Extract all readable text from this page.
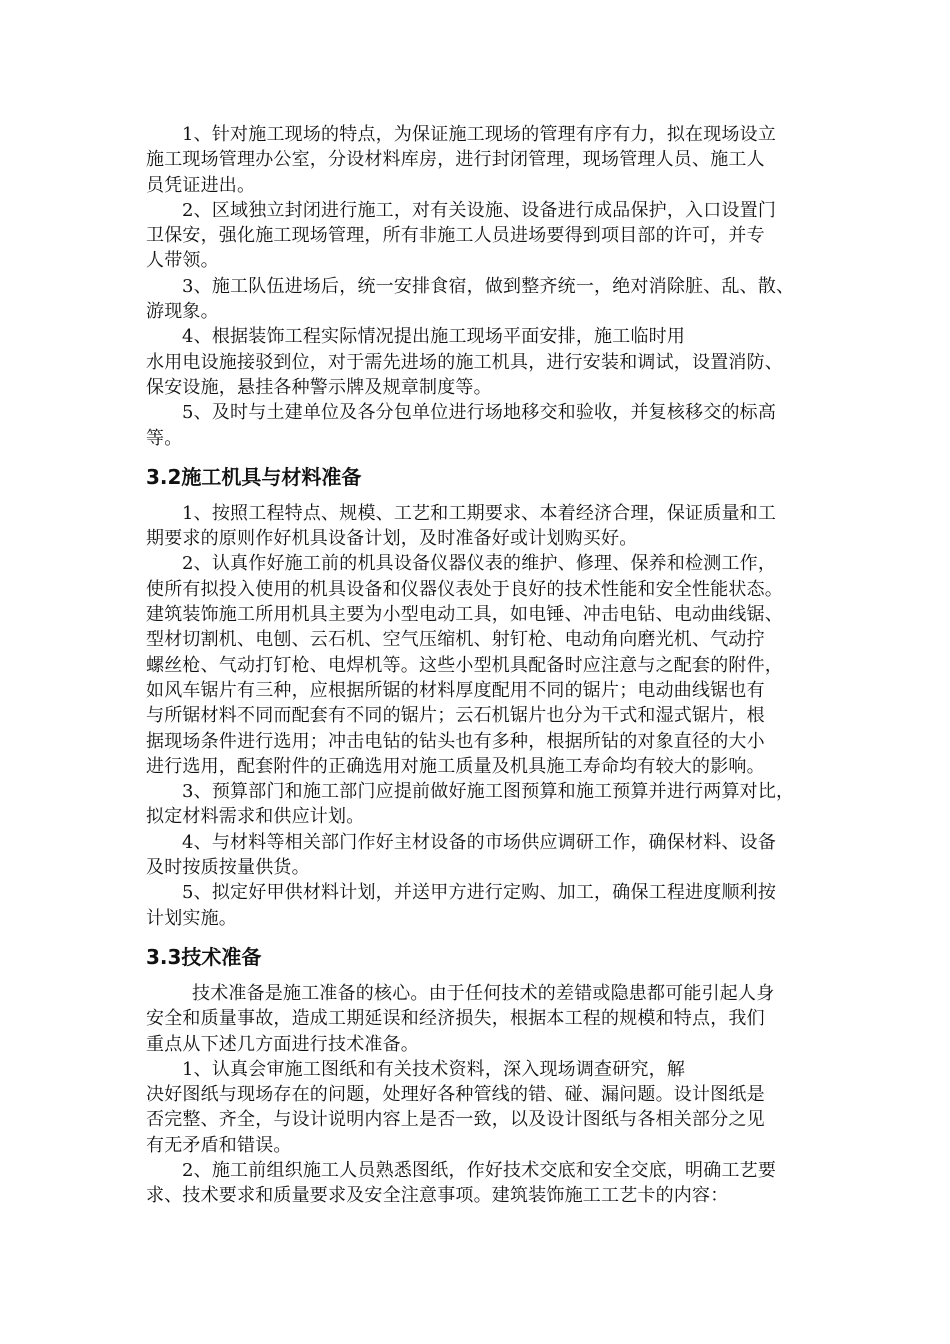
1、针对施工现场的特点，为保证施工现场的管理有序有力，拟在现场设立
施工现场管理办公室，分设材料库房，进行封闭管理，现场管理人员、施工人
员凭证进出。
2、区域独立封闭进行施工，对有关设施、设备进行成品保护，入口设置门
卫保安，强化施工现场管理，所有非施工人员进场要得到项目部的许可，并专
人带领。
3、施工队伍进场后，统一安排食宿，做到整齐统一，绝对消除脏、乱、散、
游现象。
4、根据装饰工程实际情况提出施工现场平面安排，施工临时用
水用电设施接驳到位，对于需先进场的施工机具，进行安装和调试，设置消防、
保安设施，悬挂各种警示牌及规章制度等。
5、及时与土建单位及各分包单位进行场地移交和验收，并复核移交的标高
等。
3.2施工机具与材料准备
1、按照工程特点、规模、工艺和工期要求、本着经济合理，保证质量和工
期要求的原则作好机具设备计划，及时准备好或计划购买好。
2、认真作好施工前的机具设备仪器仪表的维护、修理、保养和检测工作，
使所有拟投入使用的机具设备和仪器仪表处于良好的技术性能和安全性能状态。
建筑装饰施工所用机具主要为小型电动工具，如电锤、冲击电钻、电动曲线锯、
型材切割机、电刨、云石机、空气压缩机、射钉枪、电动角向磨光机、气动拧
螺丝枪、气动打钉枪、电焊机等。这些小型机具配备时应注意与之配套的附件，
如风车锯片有三种，应根据所锯的材料厚度配用不同的锯片；电动曲线锯也有
与所锯材料不同而配套有不同的锯片；云石机锯片也分为干式和湿式锯片，根
据现场条件进行选用；冲击电钻的钻头也有多种，根据所钻的对象直径的大小
进行选用，配套附件的正确选用对施工质量及机具施工寿命均有较大的影响。
3、预算部门和施工部门应提前做好施工图预算和施工预算并进行两算对比，
拟定材料需求和供应计划。
4、与材料等相关部门作好主材设备的市场供应调研工作，确保材料、设备
及时按质按量供货。
5、拟定好甲供材料计划，并送甲方进行定购、加工，确保工程进度顺利按
计划实施。
3.3技术准备
技术准备是施工准备的核心。由于任何技术的差错或隐患都可能引起人身
安全和质量事故，造成工期延误和经济损失，根据本工程的规模和特点，我们
重点从下述几方面进行技术准备。
1、认真会审施工图纸和有关技术资料，深入现场调查研究，解
决好图纸与现场存在的问题，处理好各种管线的错、碰、漏问题。设计图纸是
否完整、齐全，与设计说明内容上是否一致，以及设计图纸与各相关部分之见
有无矛盾和错误。
2、施工前组织施工人员熟悉图纸，作好技术交底和安全交底，明确工艺要
求、技术要求和质量要求及安全注意事项。建筑装饰施工工艺卡的内容：
